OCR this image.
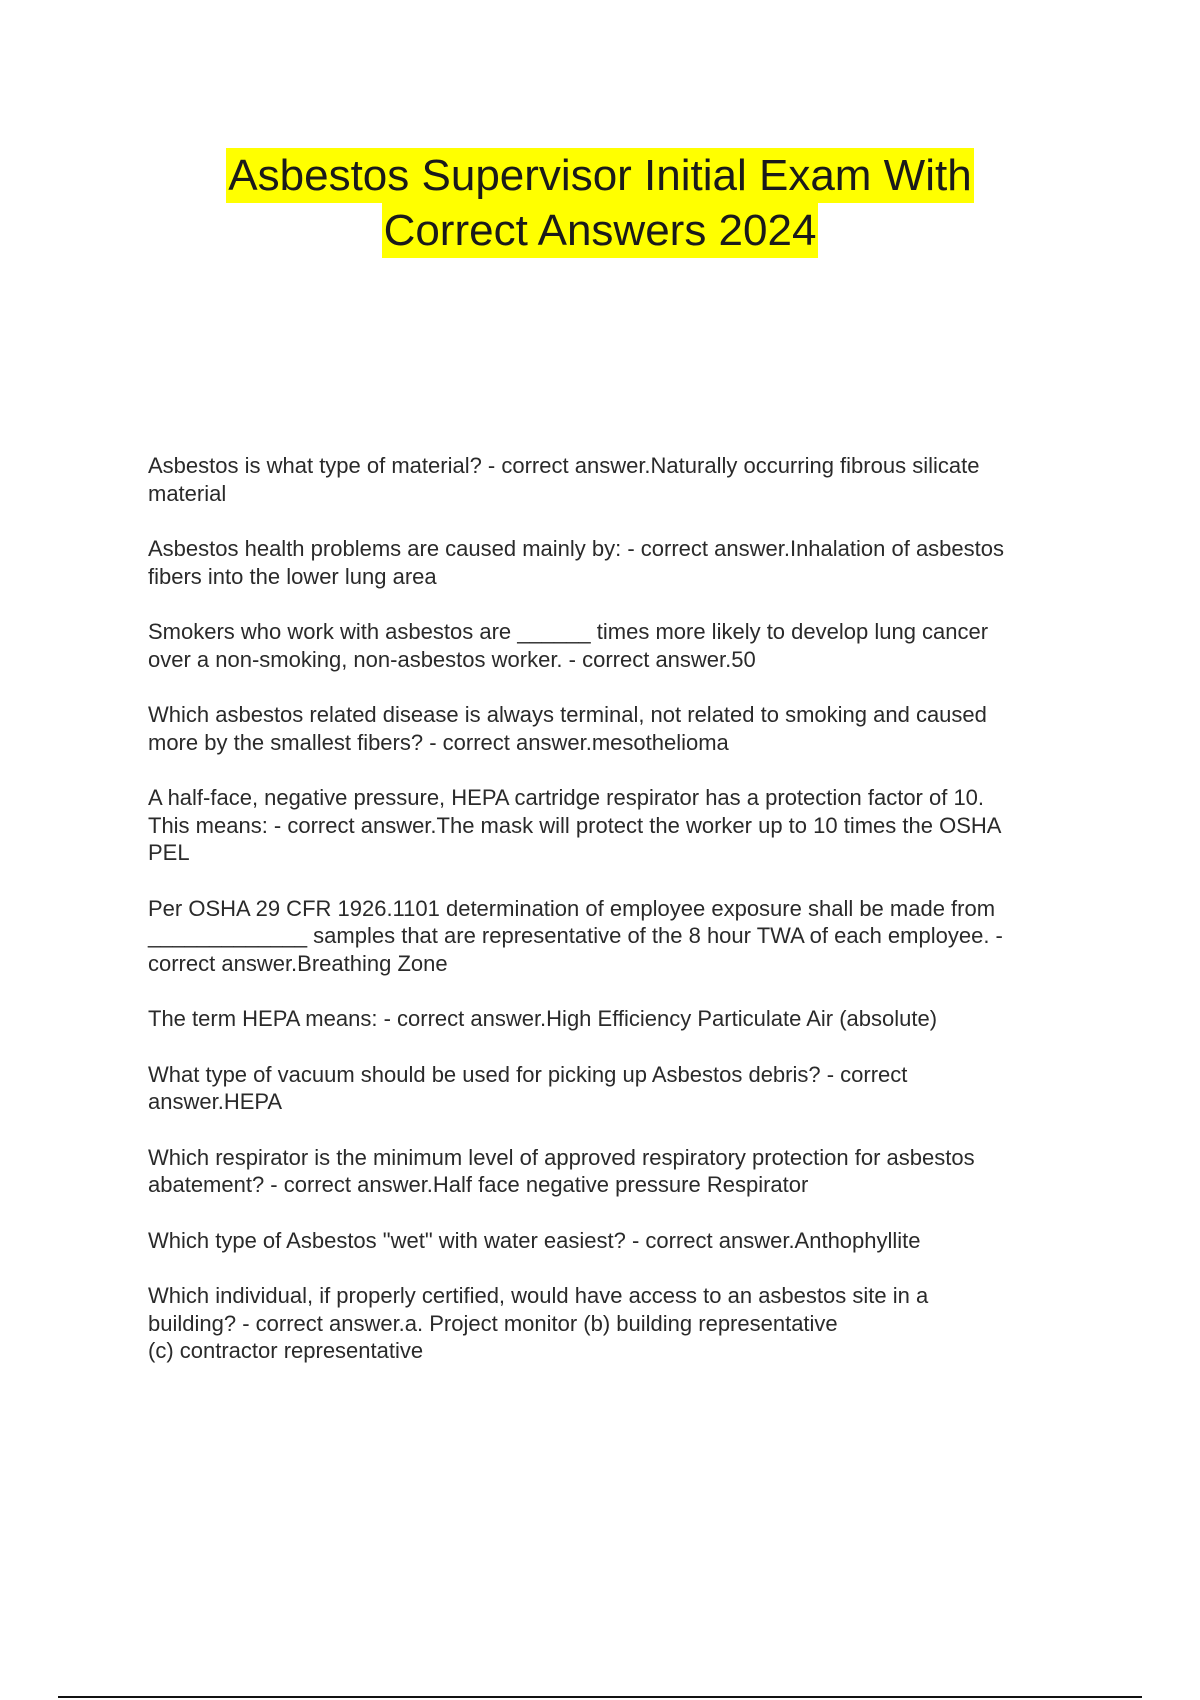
Asbestos Supervisor Initial Exam With
Correct Answers 2024
Asbestos is what type of material? - correct answer.Naturally occurring fibrous silicate
material
Asbestos health problems are caused mainly by: - correct answer.Inhalation of asbestos
fibers into the lower lung area
Smokers who work with asbestos are ______ times more likely to develop lung cancer
over a non-smoking, non-asbestos worker. - correct answer.50
Which asbestos related disease is always terminal, not related to smoking and caused
more by the smallest fibers? - correct answer.mesothelioma
A half-face, negative pressure, HEPA cartridge respirator has a protection factor of 10.
This means: - correct answer.The mask will protect the worker up to 10 times the OSHA
PEL
Per OSHA 29 CFR 1926.1101 determination of employee exposure shall be made from
_____________ samples that are representative of the 8 hour TWA of each employee. -
correct answer.Breathing Zone
The term HEPA means: - correct answer.High Efficiency Particulate Air (absolute)
What type of vacuum should be used for picking up Asbestos debris? - correct
answer.HEPA
Which respirator is the minimum level of approved respiratory protection for asbestos
abatement? - correct answer.Half face negative pressure Respirator
Which type of Asbestos "wet" with water easiest? - correct answer.Anthophyllite
Which individual, if properly certified, would have access to an asbestos site in a
building? - correct answer.a. Project monitor (b) building representative
(c) contractor representative
